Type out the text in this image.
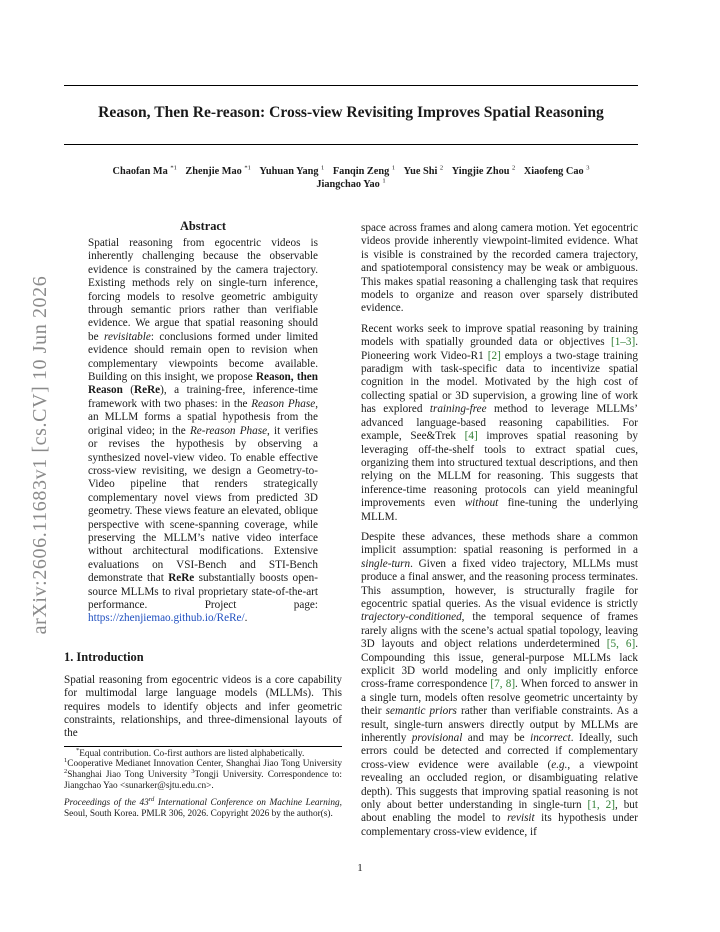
Reason, Then Re-reason: Cross-view Revisiting Improves Spatial Reasoning
Chaofan Ma $^{*1}$ Zhenjie Mao $^{*1}$ Yuhuan Yang $^1$ Fanqin Zeng $^1$ Yue Shi $^2$ Yingjie Zhou $^2$ Xiaofeng Cao $^3$
Jiangchao Yao $^1$
arXiv:2606.11683v1 [cs.CV] 10 Jun 2026
Abstract

Spatial reasoning from egocentric videos is inherently challenging because the observable evidence is constrained by the camera trajectory. Existing methods rely on single-turn inference, forcing models to resolve geometric ambiguity through semantic priors rather than verifiable evidence. We argue that spatial reasoning should be revisitable: conclusions formed under limited evidence should remain open to revision when complementary viewpoints become available. Building on this insight, we propose Reason, then Reason (ReRe), a training-free, inference-time framework with two phases: in the Reason Phase, an MLLM forms a spatial hypothesis from the original video; in the Re-reason Phase, it verifies or revises the hypothesis by observing a synthesized novel-view video. To enable effective cross-view revisiting, we design a Geometry-to-Video pipeline that renders strategically complementary novel views from predicted 3D geometry. These views feature an elevated, oblique perspective with scene-spanning coverage, while preserving the MLLM’s native video interface without architectural modifications. Extensive evaluations on VSI-Bench and STI-Bench demonstrate that ReRe substantially boosts open-source MLLMs to rival proprietary state-of-the-art performance. Project page: https://zhenjiemao.github.io/ReRe/.

1. Introduction

Spatial reasoning from egocentric videos is a core capability for multimodal large language models (MLLMs). This requires models to identify objects and infer geometric constraints, relationships, and three-dimensional layouts of the

*Equal contribution. Co-first authors are listed alphabetically.
$^1$Cooperative Medianet Innovation Center, Shanghai Jiao Tong University $^2$Shanghai Jiao Tong University $^3$Tongji University. Correspondence to: Jiangchao Yao <sunarker@sjtu.edu.cn>.

Proceedings of the 43rd International Conference on Machine Learning, Seoul, South Korea. PMLR 306, 2026. Copyright 2026 by the author(s).

space across frames and along camera motion. Yet egocentric videos provide inherently viewpoint-limited evidence. What is visible is constrained by the recorded camera trajectory, and spatiotemporal consistency may be weak or ambiguous. This makes spatial reasoning a challenging task that requires models to organize and reason over sparsely distributed evidence.

Recent works seek to improve spatial reasoning by training models with spatially grounded data or objectives [1–3]. Pioneering work Video-R1 [2] employs a two-stage training paradigm with task-specific data to incentivize spatial cognition in the model. Motivated by the high cost of collecting spatial or 3D supervision, a growing line of work has explored training-free method to leverage MLLMs’ advanced language-based reasoning capabilities. For example, See&Trek [4] improves spatial reasoning by leveraging off-the-shelf tools to extract spatial cues, organizing them into structured textual descriptions, and then relying on the MLLM for reasoning. This suggests that inference-time reasoning protocols can yield meaningful improvements even without fine-tuning the underlying MLLM.

Despite these advances, these methods share a common implicit assumption: spatial reasoning is performed in a single-turn. Given a fixed video trajectory, MLLMs must produce a final answer, and the reasoning process terminates. This assumption, however, is structurally fragile for egocentric spatial queries. As the visual evidence is strictly trajectory-conditioned, the temporal sequence of frames rarely aligns with the scene’s actual spatial topology, leaving 3D layouts and object relations underdetermined [5, 6]. Compounding this issue, general-purpose MLLMs lack explicit 3D world modeling and only implicitly enforce cross-frame correspondence [7, 8]. When forced to answer in a single turn, models often resolve geometric uncertainty by their semantic priors rather than verifiable constraints. As a result, single-turn answers directly output by MLLMs are inherently provisional and may be incorrect. Ideally, such errors could be detected and corrected if complementary cross-view evidence were available (e.g., a viewpoint revealing an occluded region, or disambiguating relative depth). This suggests that improving spatial reasoning is not only about better understanding in single-turn [1, 2], but about enabling the model to revisit its hypothesis under complementary cross-view evidence, if

1
